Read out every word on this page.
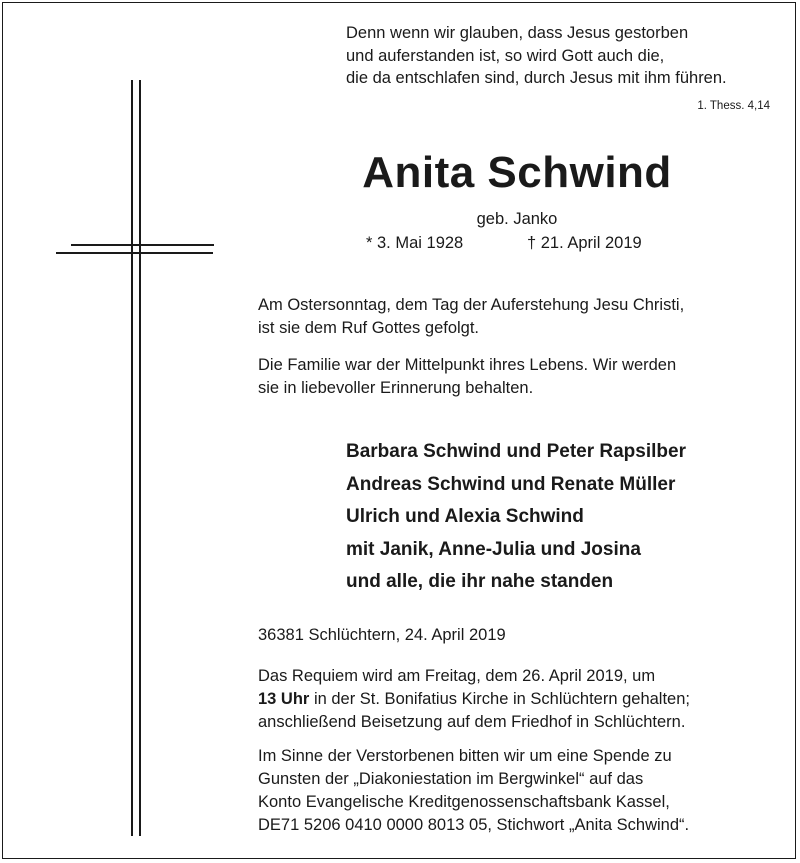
Denn wenn wir glauben, dass Jesus gestorben
und auferstanden ist, so wird Gott auch die,
die da entschlafen sind, durch Jesus mit ihm führen.
1. Thess. 4,14
Anita Schwind
geb. Janko
* 3. Mai 1928	† 21. April 2019
Am Ostersonntag, dem Tag der Auferstehung Jesu Christi,
ist sie dem Ruf Gottes gefolgt.
Die Familie war der Mittelpunkt ihres Lebens. Wir werden
sie in liebevoller Erinnerung behalten.
Barbara Schwind und Peter Rapsilber
Andreas Schwind und Renate Müller
Ulrich und Alexia Schwind
mit Janik, Anne-Julia und Josina
und alle, die ihr nahe standen
36381 Schlüchtern, 24. April 2019
Das Requiem wird am Freitag, dem 26. April 2019, um
13 Uhr in der St. Bonifatius Kirche in Schlüchtern gehalten;
anschließend Beisetzung auf dem Friedhof in Schlüchtern.
Im Sinne der Verstorbenen bitten wir um eine Spende zu
Gunsten der „Diakoniestation im Bergwinkel“ auf das
Konto Evangelische Kreditgenossenschaftsbank Kassel,
DE71 5206 0410 0000 8013 05, Stichwort „Anita Schwind“.
